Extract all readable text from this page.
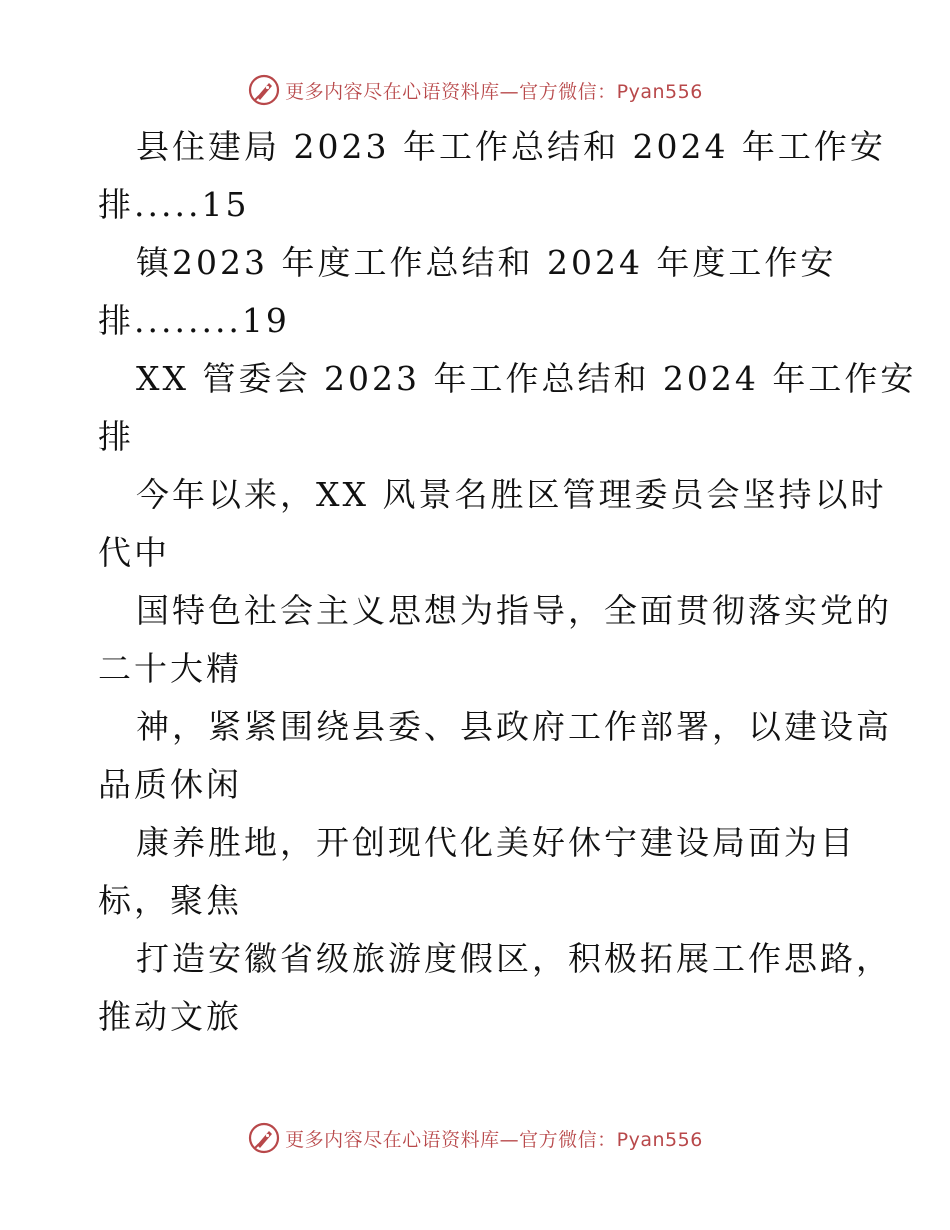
更多内容尽在心语资料库—官方微信：Pyan556
县住建局 2023 年工作总结和 2024 年工作安
排.....15
镇2023 年度工作总结和 2024 年度工作安
排........19
XX 管委会 2023 年工作总结和 2024 年工作安
排
今年以来，XX 风景名胜区管理委员会坚持以时
代中
国特色社会主义思想为指导，全面贯彻落实党的
二十大精
神，紧紧围绕县委、县政府工作部署，以建设高
品质休闲
康养胜地，开创现代化美好休宁建设局面为目
标，聚焦
打造安徽省级旅游度假区，积极拓展工作思路，
推动文旅
更多内容尽在心语资料库—官方微信：Pyan556
